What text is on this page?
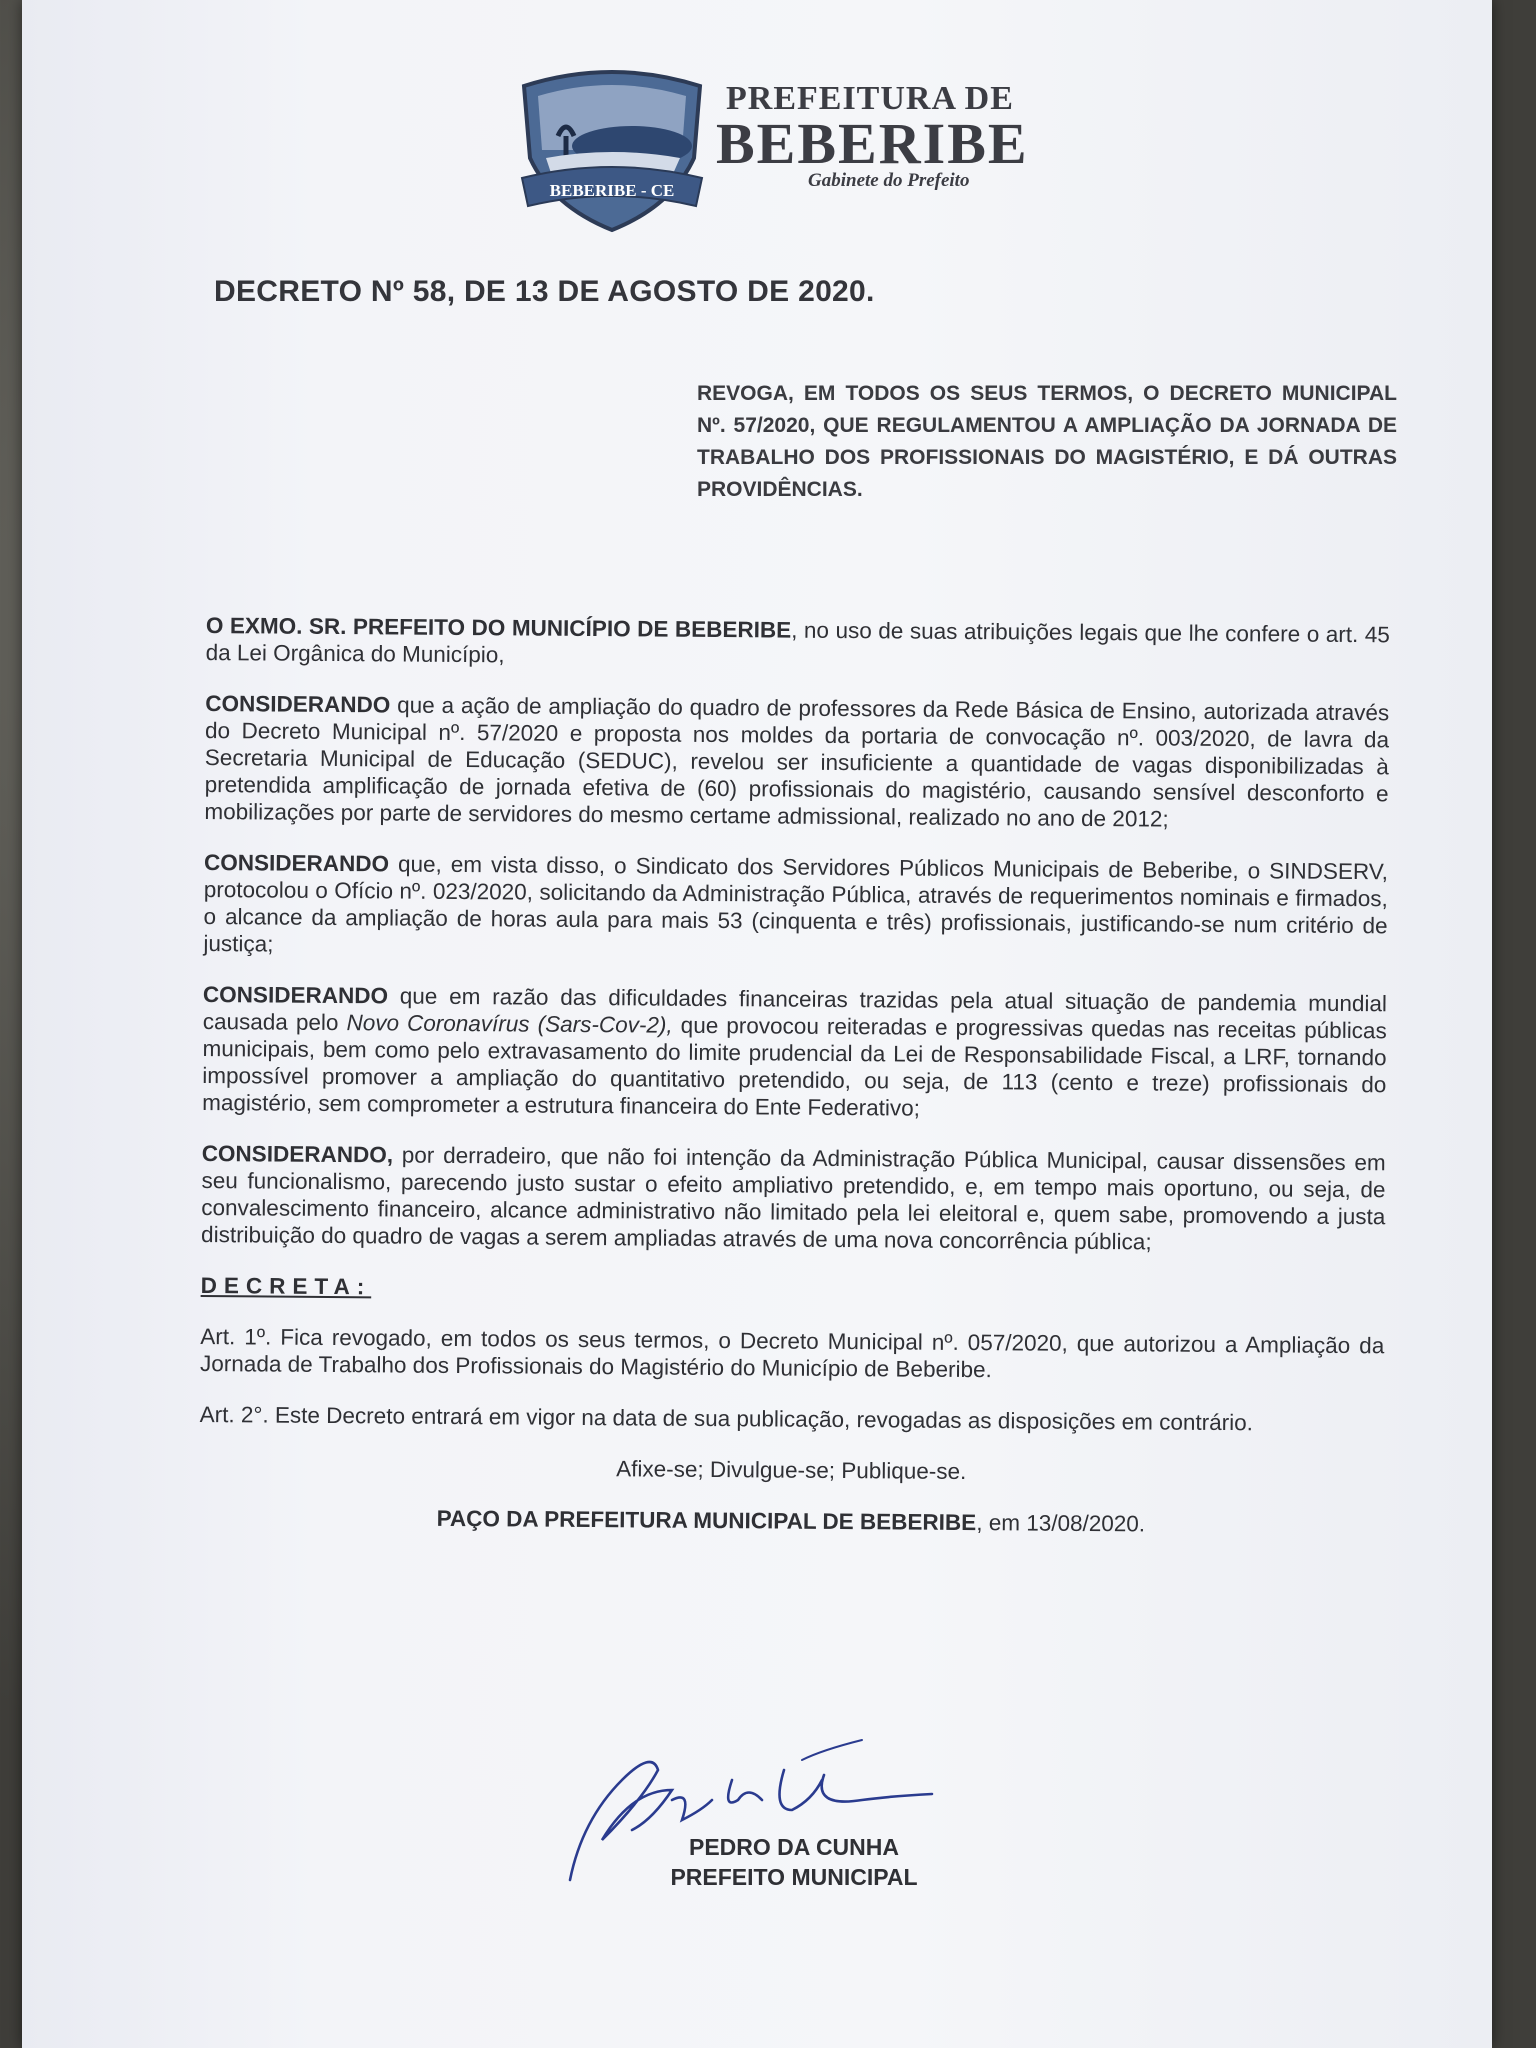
BEBERIBE - CE
PREFEITURA DE
BEBERIBE
Gabinete do Prefeito
DECRETO Nº 58, DE 13 DE AGOSTO DE 2020.
REVOGA, EM TODOS OS SEUS TERMOS, O DECRETO MUNICIPAL Nº. 57/2020, QUE REGULAMENTOU A AMPLIAÇÃO DA JORNADA DE TRABALHO DOS PROFISSIONAIS DO MAGISTÉRIO, E DÁ OUTRAS PROVIDÊNCIAS.

O EXMO. SR. PREFEITO DO MUNICÍPIO DE BEBERIBE, no uso de suas atribuições legais que lhe confere o art. 45 da Lei Orgânica do Município,

CONSIDERANDO que a ação de ampliação do quadro de professores da Rede Básica de Ensino, autorizada através do Decreto Municipal nº. 57/2020 e proposta nos moldes da portaria de convocação nº. 003/2020, de lavra da Secretaria Municipal de Educação (SEDUC), revelou ser insuficiente a quantidade de vagas disponibilizadas à pretendida amplificação de jornada efetiva de (60) profissionais do magistério, causando sensível desconforto e mobilizações por parte de servidores do mesmo certame admissional, realizado no ano de 2012;

CONSIDERANDO que, em vista disso, o Sindicato dos Servidores Públicos Municipais de Beberibe, o SINDSERV, protocolou o Ofício nº. 023/2020, solicitando da Administração Pública, através de requerimentos nominais e firmados, o alcance da ampliação de horas aula para mais 53 (cinquenta e três) profissionais, justificando-se num critério de justiça;

CONSIDERANDO que em razão das dificuldades financeiras trazidas pela atual situação de pandemia mundial causada pelo Novo Coronavírus (Sars-Cov-2), que provocou reiteradas e progressivas quedas nas receitas públicas municipais, bem como pelo extravasamento do limite prudencial da Lei de Responsabilidade Fiscal, a LRF, tornando impossível promover a ampliação do quantitativo pretendido, ou seja, de 113 (cento e treze) profissionais do magistério, sem comprometer a estrutura financeira do Ente Federativo;

CONSIDERANDO, por derradeiro, que não foi intenção da Administração Pública Municipal, causar dissensões em seu funcionalismo, parecendo justo sustar o efeito ampliativo pretendido, e, em tempo mais oportuno, ou seja, de convalescimento financeiro, alcance administrativo não limitado pela lei eleitoral e, quem sabe, promovendo a justa distribuição do quadro de vagas a serem ampliadas através de uma nova concorrência pública;

DECRETA:

Art. 1º. Fica revogado, em todos os seus termos, o Decreto Municipal nº. 057/2020, que autorizou a Ampliação da Jornada de Trabalho dos Profissionais do Magistério do Município de Beberibe.

Art. 2°. Este Decreto entrará em vigor na data de sua publicação, revogadas as disposições em contrário.

Afixe-se; Divulgue-se; Publique-se.

PAÇO DA PREFEITURA MUNICIPAL DE BEBERIBE, em 13/08/2020.

PEDRO DA CUNHA
PREFEITO MUNICIPAL
